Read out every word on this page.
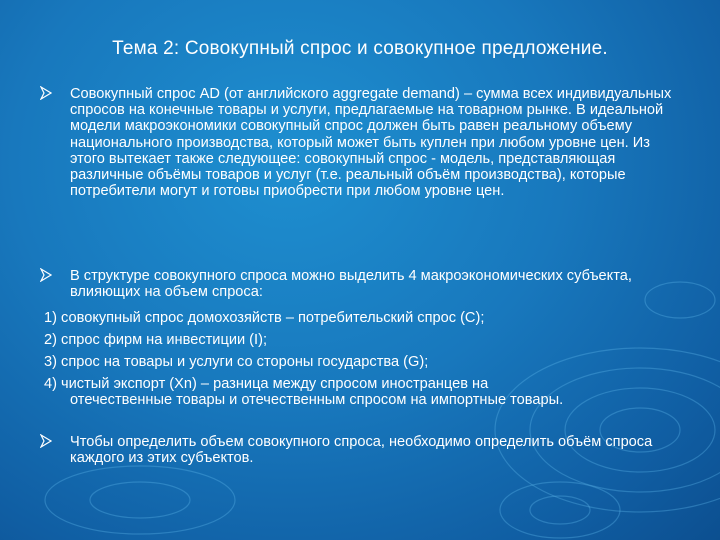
Тема 2: Совокупный спрос и совокупное предложение.
Совокупный спрос AD (от английского aggregate demand) – сумма всех индивидуальных спросов на конечные товары и услуги, предлагаемые на товарном рынке. В идеальной модели макроэкономики совокупный спрос должен быть равен реальному объему национального производства, который может быть куплен при любом уровне цен. Из этого вытекает также следующее: совокупный спрос - модель, представляющая различные объёмы товаров и услуг (т.е. реальный объём производства), которые потребители могут и готовы приобрести при любом уровне цен.
В структуре совокупного спроса можно выделить 4 макроэкономических субъекта, влияющих на объем спроса:
1) совокупный спрос домохозяйств – потребительский спрос (C);
2) спрос фирм на инвестиции (I);
3) спрос на товары и услуги со стороны государства (G);
4) чистый экспорт (Xn) – разница между спросом иностранцев на
отечественные товары и отечественным спросом на импортные товары.
Чтобы определить объем совокупного спроса, необходимо определить объём спроса каждого из этих субъектов.
